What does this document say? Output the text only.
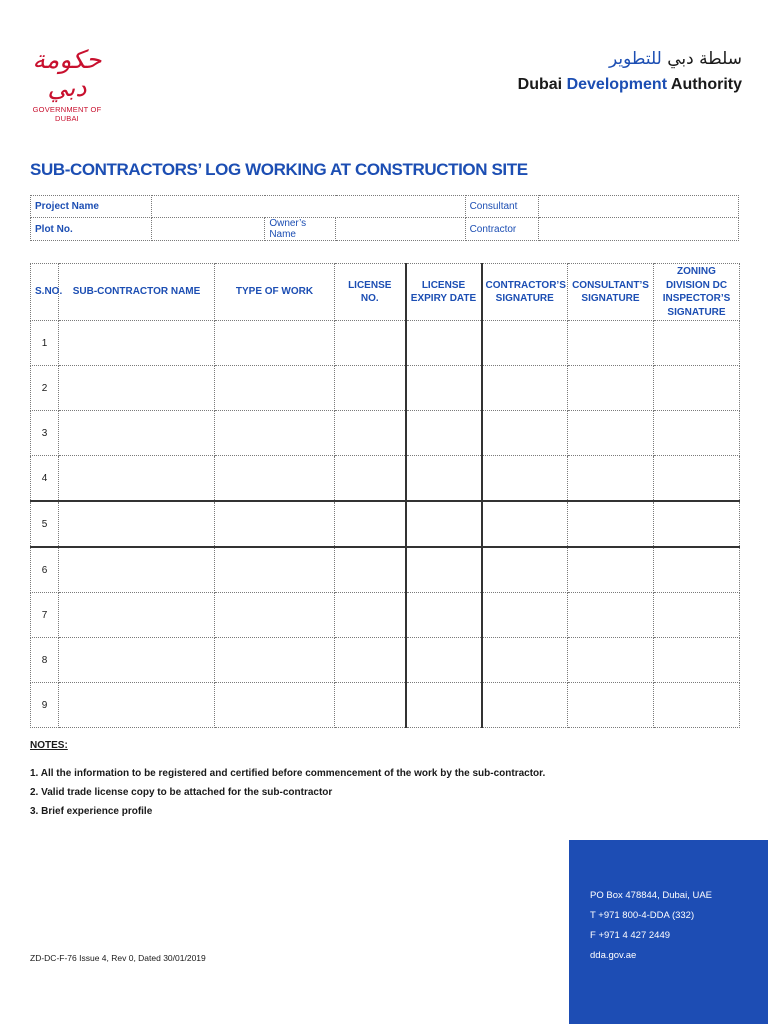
حكومة دبي
GOVERNMENT OF DUBAI
سلطة دبي للتطوير
Dubai Development Authority
SUB-CONTRACTORS’ LOG WORKING AT CONSTRUCTION SITE
Project Name				Consultant	
Plot No.		Owner’s Name		Contractor	
S.NO.	SUB-CONTRACTOR NAME	TYPE OF WORK	LICENSE NO.	LICENSE EXPIRY DATE	CONTRACTOR’S SIGNATURE	CONSULTANT’S SIGNATURE	ZONING DIVISION DC INSPECTOR’S SIGNATURE
1							
2							
3							
4							
5							
6							
7							
8							
9							
NOTES:
1. All the information to be registered and certified before commencement of the work by the sub-contractor.
2. Valid trade license copy to be attached for the sub-contractor
3. Brief experience profile
PO Box 478844, Dubai, UAE
T +971 800-4-DDA (332)
F +971 4 427 2449
dda.gov.ae
ZD-DC-F-76 Issue 4, Rev 0, Dated 30/01/2019
